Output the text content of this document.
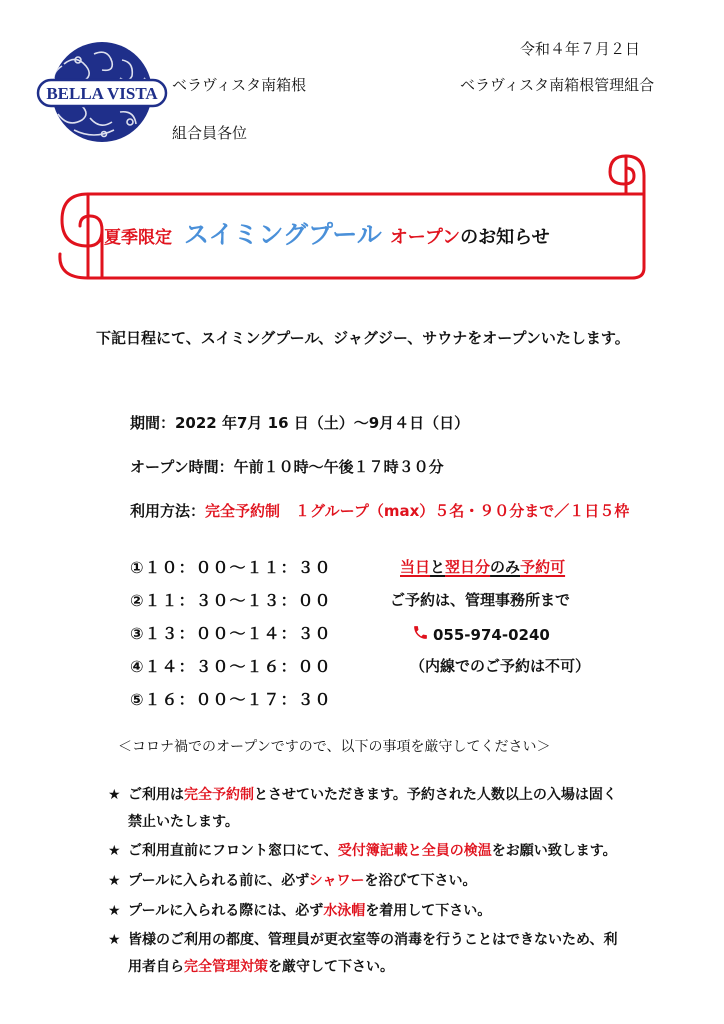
BELLA VISTA
令和４年７月２日
ベラヴィスタ南箱根	ベラヴィスタ南箱根管理組合
組合員各位
夏季限定 スイミングプール オープンのお知らせ
下記日程にて、スイミングプール、ジャグジー、サウナをオープンいたします。
期間：2022 年7月 16 日（土）～9月４日（日）
オープン時間：午前１０時～午後１７時３０分
利用方法：完全予約制　１グループ（max）５名・９０分まで／１日５枠
①１０：００～１１：３０
②１１：３０～１３：００
③１３：００～１４：３０
④１４：３０～１６：００
⑤１６：００～１７：３０
当日と翌日分のみ予約可
ご予約は、管理事務所まで
055-974-0240
（内線でのご予約は不可）
＜コロナ禍でのオープンですので、以下の事項を厳守してください＞
★ ご利用は完全予約制とさせていただきます。予約された人数以上の入場は固く
禁止いたします。
★ ご利用直前にフロント窓口にて、受付簿記載と全員の検温をお願い致します。
★ プールに入られる前に、必ずシャワーを浴びて下さい。
★ プールに入られる際には、必ず水泳帽を着用して下さい。
★ 皆様のご利用の都度、管理員が更衣室等の消毒を行うことはできないため、利
用者自ら完全管理対策を厳守して下さい。
